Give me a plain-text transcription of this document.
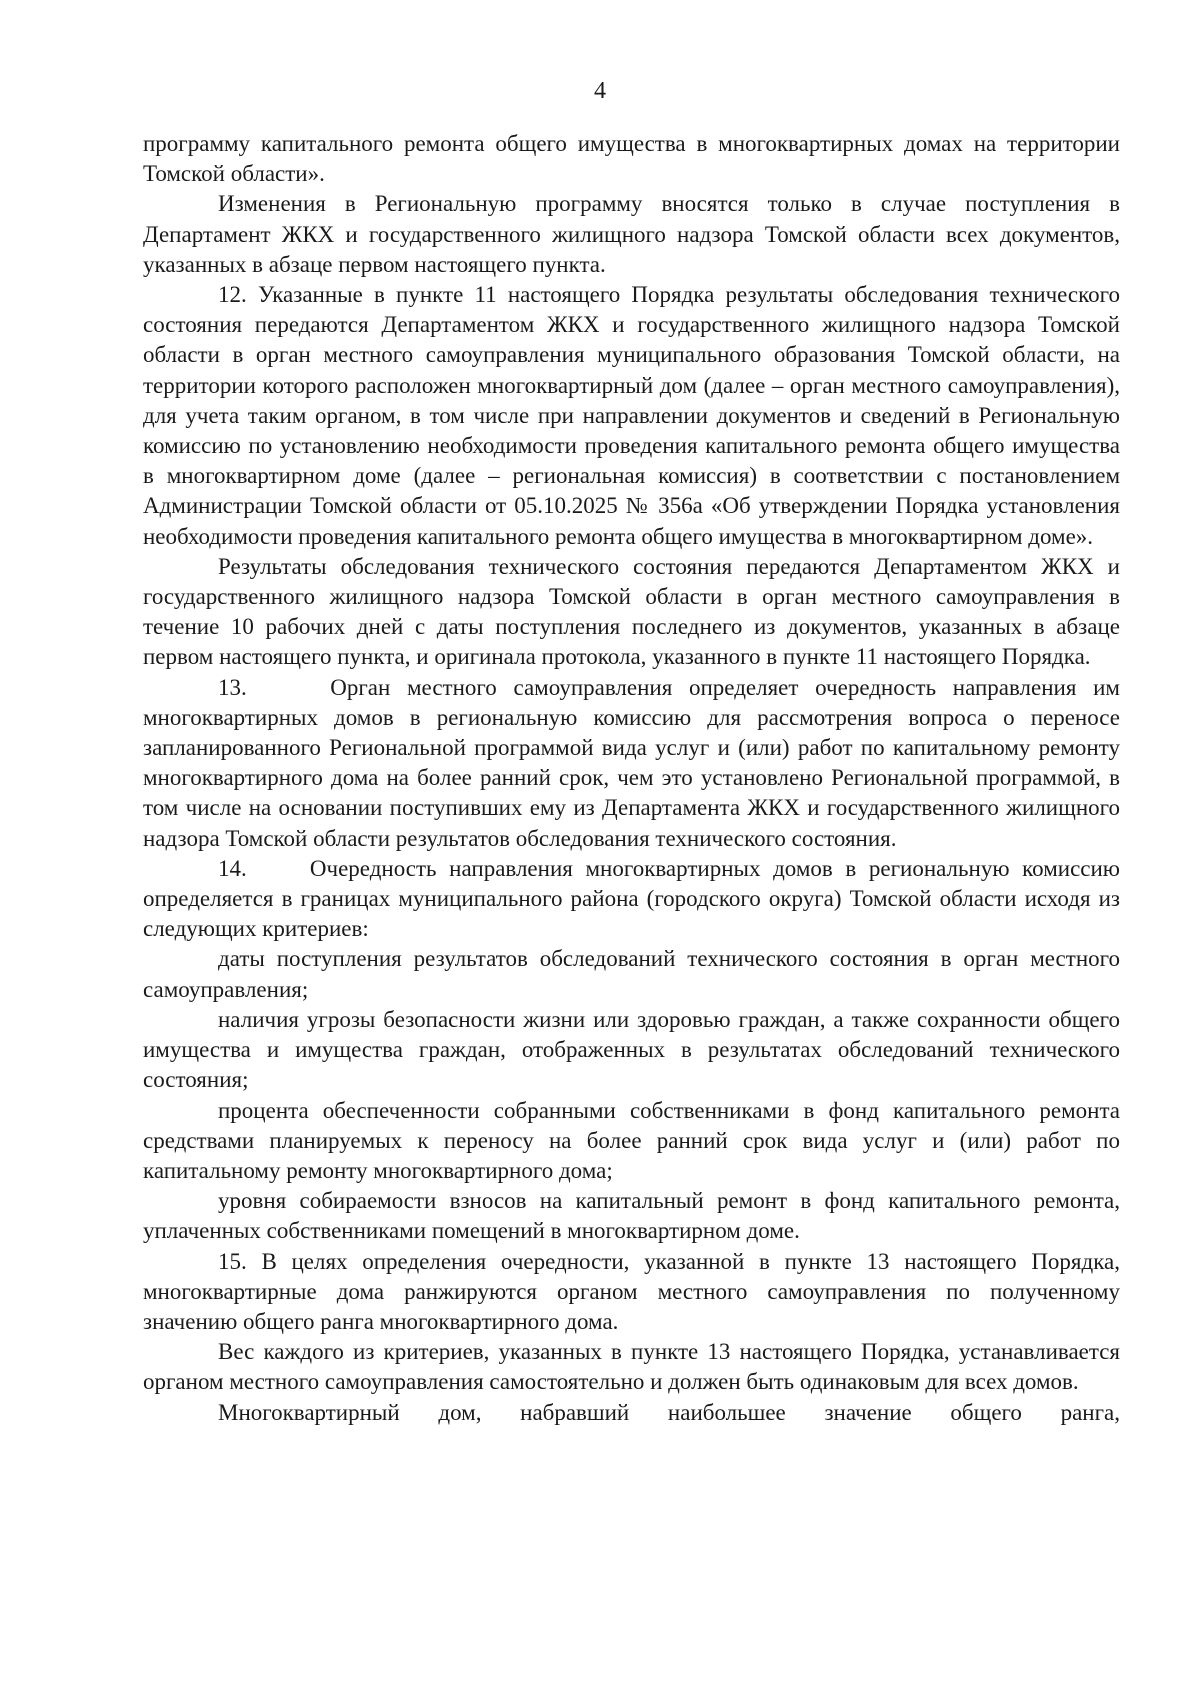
4

программу капитального ремонта общего имущества в многоквартирных домах на территории Томской области».

Изменения в Региональную программу вносятся только в случае поступления в Департамент ЖКХ и государственного жилищного надзора Томской области всех документов, указанных в абзаце первом настоящего пункта.

12. Указанные в пункте 11 настоящего Порядка результаты обследования технического состояния передаются Департаментом ЖКХ и государственного жилищного надзора Томской области в орган местного самоуправления муниципального образования Томской области, на территории которого расположен многоквартирный дом (далее – орган местного самоуправления), для учета таким органом, в том числе при направлении документов и сведений в Региональную комиссию по установлению необходимости проведения капитального ремонта общего имущества в многоквартирном доме (далее – региональная комиссия) в соответствии с постановлением Администрации Томской области от 05.10.2025 № 356а «Об утверждении Порядка установления необходимости проведения капитального ремонта общего имущества в многоквартирном доме».

Результаты обследования технического состояния передаются Департаментом ЖКХ и государственного жилищного надзора Томской области в орган местного самоуправления в течение 10 рабочих дней с даты поступления последнего из документов, указанных в абзаце первом настоящего пункта, и оригинала протокола, указанного в пункте 11 настоящего Порядка.

13.     Орган местного самоуправления определяет очередность направления им многоквартирных домов в региональную комиссию для рассмотрения вопроса о переносе запланированного Региональной программой вида услуг и (или) работ по капитальному ремонту многоквартирного дома на более ранний срок, чем это установлено Региональной программой, в том числе на основании поступивших ему из Департамента ЖКХ и государственного жилищного надзора Томской области результатов обследования технического состояния.

14.     Очередность направления многоквартирных домов в региональную комиссию определяется в границах муниципального района (городского округа) Томской области исходя из следующих критериев:

даты поступления результатов обследований технического состояния в орган местного самоуправления;

наличия угрозы безопасности жизни или здоровью граждан, а также сохранности общего имущества и имущества граждан, отображенных в результатах обследований технического состояния;

процента обеспеченности собранными собственниками в фонд капитального ремонта средствами планируемых к переносу на более ранний срок вида услуг и (или) работ по капитальному ремонту многоквартирного дома;

уровня собираемости взносов на капитальный ремонт в фонд капитального ремонта, уплаченных собственниками помещений в многоквартирном доме.

15. В целях определения очередности, указанной в пункте 13 настоящего Порядка, многоквартирные дома ранжируются органом местного самоуправления по полученному значению общего ранга многоквартирного дома.

Вес каждого из критериев, указанных в пункте 13 настоящего Порядка, устанавливается органом местного самоуправления самостоятельно и должен быть одинаковым для всех домов.

Многоквартирный дом, набравший наибольшее значение общего ранга,
